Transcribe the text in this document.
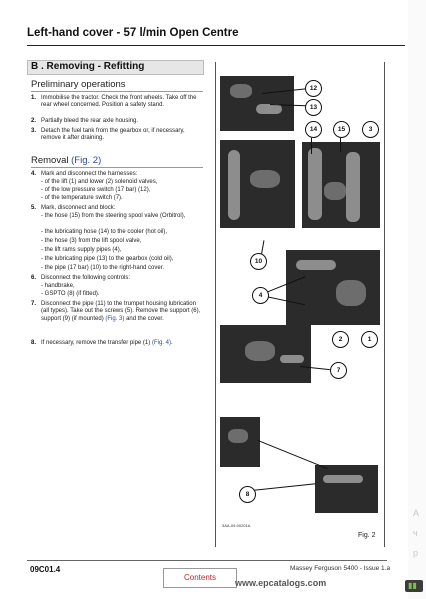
Left-hand cover - 57 l/min Open Centre
B . Removing - Refitting
Preliminary operations
1. Immobilise the tractor. Check the front wheels. Take off the rear wheel concerned. Position a safety stand.
2. Partially bleed the rear axle housing.
3. Detach the fuel tank from the gearbox or, if necessary, remove it after draining.
Removal (Fig. 2)
4. Mark and disconnect the harnesses:
- of the lift (1) and lower (2) solenoid valves,
- of the low pressure switch (17 bar) (12),
- of the temperature switch (7).
5. Mark, disconnect and block:
- the hose (15) from the steering spool valve (Orbitrol),
- the lubricating hose (14) to the cooler (hot oil),
- the hose (3) from the lift spool valve,
- the lift rams supply pipes (4),
- the lubricating pipe (13) to the gearbox (cold oil),
- the pipe (17 bar) (10) to the right-hand cover.
6. Disconnect the following controls:
- handbrake,
- GSPTO (8) (if fitted).
7. Disconnect the pipe (11) to the trumpet housing lubrication (all types). Take out the screws (5). Remove the support (6), support (9) (if mounted) (Fig. 3) and the cover.
8. If necessary, remove the transfer pipe (1) (Fig. 4).
12
13
14	15	3
10
4
2	1
7
8
3AA-09-00201A
Fig. 2
09C01.4	Massey Ferguson 5400 - Issue 1.a
Contents
www.epcatalogs.com
A
ч
р
▮▮
